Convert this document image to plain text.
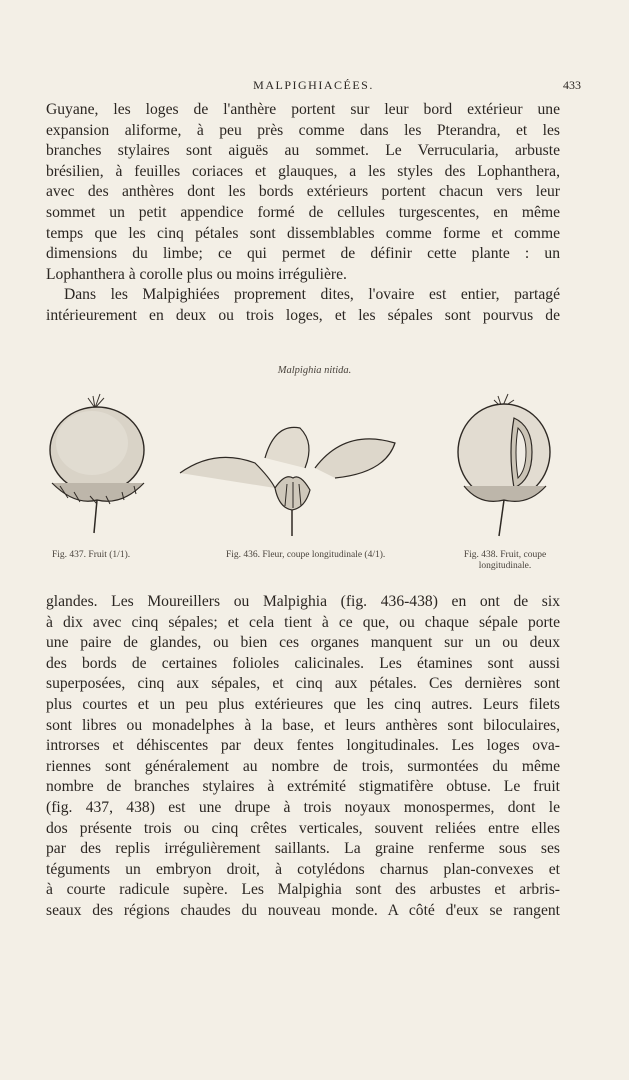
MALPIGHIACÉES.	433
Guyane, les loges de l'anthère portent sur leur bord extérieur une
expansion aliforme, à peu près comme dans les Pterandra, et les
branches stylaires sont aiguës au sommet. Le Verrucularia, arbuste
brésilien, à feuilles coriaces et glauques, a les styles des Lophanthera,
avec des anthères dont les bords extérieurs portent chacun vers leur
sommet un petit appendice formé de cellules turgescentes, en même
temps que les cinq pétales sont dissemblables comme forme et comme
dimensions du limbe; ce qui permet de définir cette plante : un
Lophanthera à corolle plus ou moins irrégulière.
Dans les Malpighiées proprement dites, l'ovaire est entier, partagé
intérieurement en deux ou trois loges, et les sépales sont pourvus de
Malpighia nitida.
Fig. 437. Fruit (1/1).	Fig. 436. Fleur, coupe longitudinale (4/1).	Fig. 438. Fruit, coupe longitudinale.
glandes. Les Moureillers ou Malpighia (fig. 436-438) en ont de six
à dix avec cinq sépales; et cela tient à ce que, ou chaque sépale porte
une paire de glandes, ou bien ces organes manquent sur un ou deux
des bords de certaines folioles calicinales. Les étamines sont aussi
superposées, cinq aux sépales, et cinq aux pétales. Ces dernières sont
plus courtes et un peu plus extérieures que les cinq autres. Leurs filets
sont libres ou monadelphes à la base, et leurs anthères sont biloculaires,
introrses et déhiscentes par deux fentes longitudinales. Les loges ova-
riennes sont généralement au nombre de trois, surmontées du même
nombre de branches stylaires à extrémité stigmatifère obtuse. Le fruit
(fig. 437, 438) est une drupe à trois noyaux monospermes, dont le
dos présente trois ou cinq crêtes verticales, souvent reliées entre elles
par des replis irrégulièrement saillants. La graine renferme sous ses
téguments un embryon droit, à cotylédons charnus plan-convexes et
à courte radicule supère. Les Malpighia sont des arbustes et arbris-
seaux des régions chaudes du nouveau monde. A côté d'eux se rangent
